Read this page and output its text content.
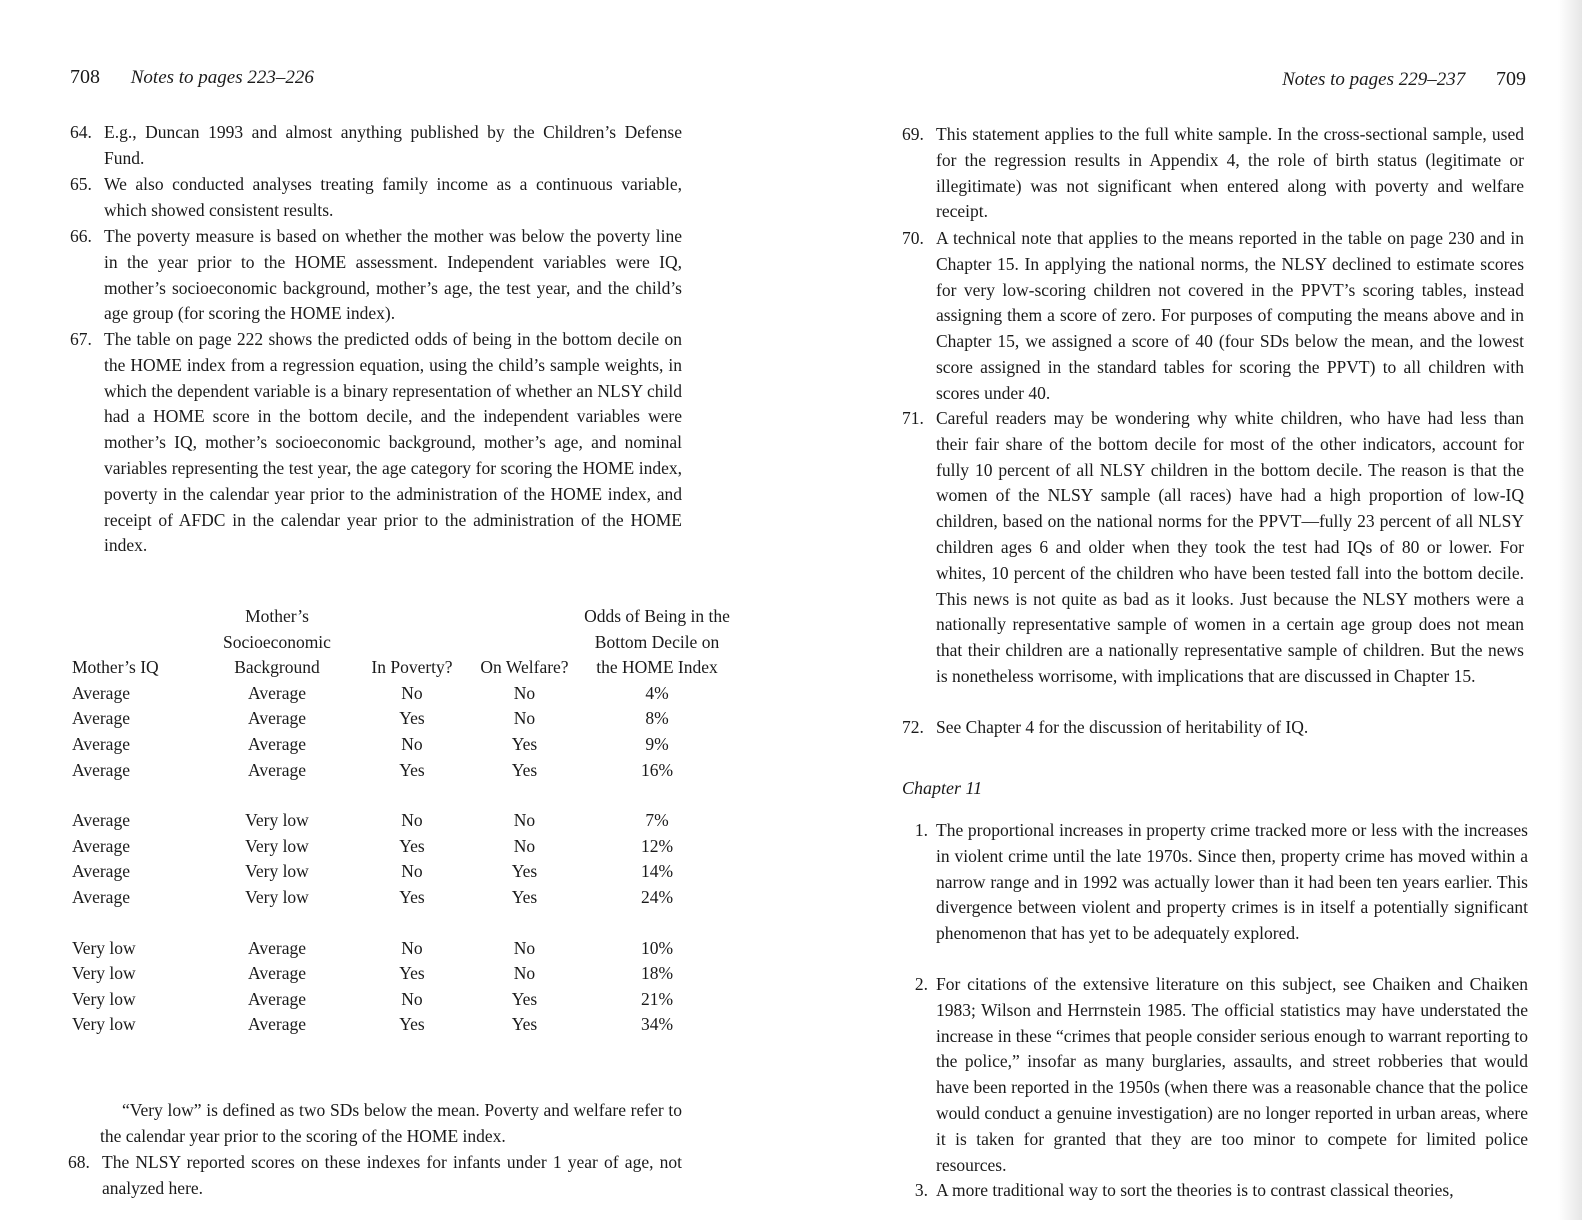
708 Notes to pages 223–226
64. E.g., Duncan 1993 and almost anything published by the Children’s Defense Fund.
65. We also conducted analyses treating family income as a continuous variable, which showed consistent results.
66. The poverty measure is based on whether the mother was below the poverty line in the year prior to the HOME assessment. Independent variables were IQ, mother’s socioeconomic background, mother’s age, the test year, and the child’s age group (for scoring the HOME index).
67. The table on page 222 shows the predicted odds of being in the bottom decile on the HOME index from a regression equation, using the child’s sample weights, in which the dependent variable is a binary representation of whether an NLSY child had a HOME score in the bottom decile, and the independent variables were mother’s IQ, mother’s socioeconomic background, mother’s age, and nominal variables representing the test year, the age category for scoring the HOME index, poverty in the calendar year prior to the administration of the HOME index, and receipt of AFDC in the calendar year prior to the administration of the HOME index.
Mother’s IQ	Mother’s Socioeconomic Background	In Poverty?	On Welfare?	Odds of Being in the Bottom Decile on the HOME Index
Average	Average	No	No	4%
Average	Average	Yes	No	8%
Average	Average	No	Yes	9%
Average	Average	Yes	Yes	16%

Average	Very low	No	No	7%
Average	Very low	Yes	No	12%
Average	Very low	No	Yes	14%
Average	Very low	Yes	Yes	24%

Very low	Average	No	No	10%
Very low	Average	Yes	No	18%
Very low	Average	No	Yes	21%
Very low	Average	Yes	Yes	34%
“Very low” is defined as two SDs below the mean. Poverty and welfare refer to the calendar year prior to the scoring of the HOME index.
68. The NLSY reported scores on these indexes for infants under 1 year of age, not analyzed here.
Notes to pages 229–237 709
69. This statement applies to the full white sample. In the cross-sectional sample, used for the regression results in Appendix 4, the role of birth status (legitimate or illegitimate) was not significant when entered along with poverty and welfare receipt.
70. A technical note that applies to the means reported in the table on page 230 and in Chapter 15. In applying the national norms, the NLSY declined to estimate scores for very low-scoring children not covered in the PPVT’s scoring tables, instead assigning them a score of zero. For purposes of computing the means above and in Chapter 15, we assigned a score of 40 (four SDs below the mean, and the lowest score assigned in the standard tables for scoring the PPVT) to all children with scores under 40.
71. Careful readers may be wondering why white children, who have had less than their fair share of the bottom decile for most of the other indicators, account for fully 10 percent of all NLSY children in the bottom decile. The reason is that the women of the NLSY sample (all races) have had a high proportion of low-IQ children, based on the national norms for the PPVT—fully 23 percent of all NLSY children ages 6 and older when they took the test had IQs of 80 or lower. For whites, 10 percent of the children who have been tested fall into the bottom decile. This news is not quite as bad as it looks. Just because the NLSY mothers were a nationally representative sample of women in a certain age group does not mean that their children are a nationally representative sample of children. But the news is nonetheless worrisome, with implications that are discussed in Chapter 15.
72. See Chapter 4 for the discussion of heritability of IQ.
Chapter 11
1. The proportional increases in property crime tracked more or less with the increases in violent crime until the late 1970s. Since then, property crime has moved within a narrow range and in 1992 was actually lower than it had been ten years earlier. This divergence between violent and property crimes is in itself a potentially significant phenomenon that has yet to be adequately explored.
2. For citations of the extensive literature on this subject, see Chaiken and Chaiken 1983; Wilson and Herrnstein 1985. The official statistics may have understated the increase in these “crimes that people consider serious enough to warrant reporting to the police,” insofar as many burglaries, assaults, and street robberies that would have been reported in the 1950s (when there was a reasonable chance that the police would conduct a genuine investigation) are no longer reported in urban areas, where it is taken for granted that they are too minor to compete for limited police resources.
3. A more traditional way to sort the theories is to contrast classical theories,
